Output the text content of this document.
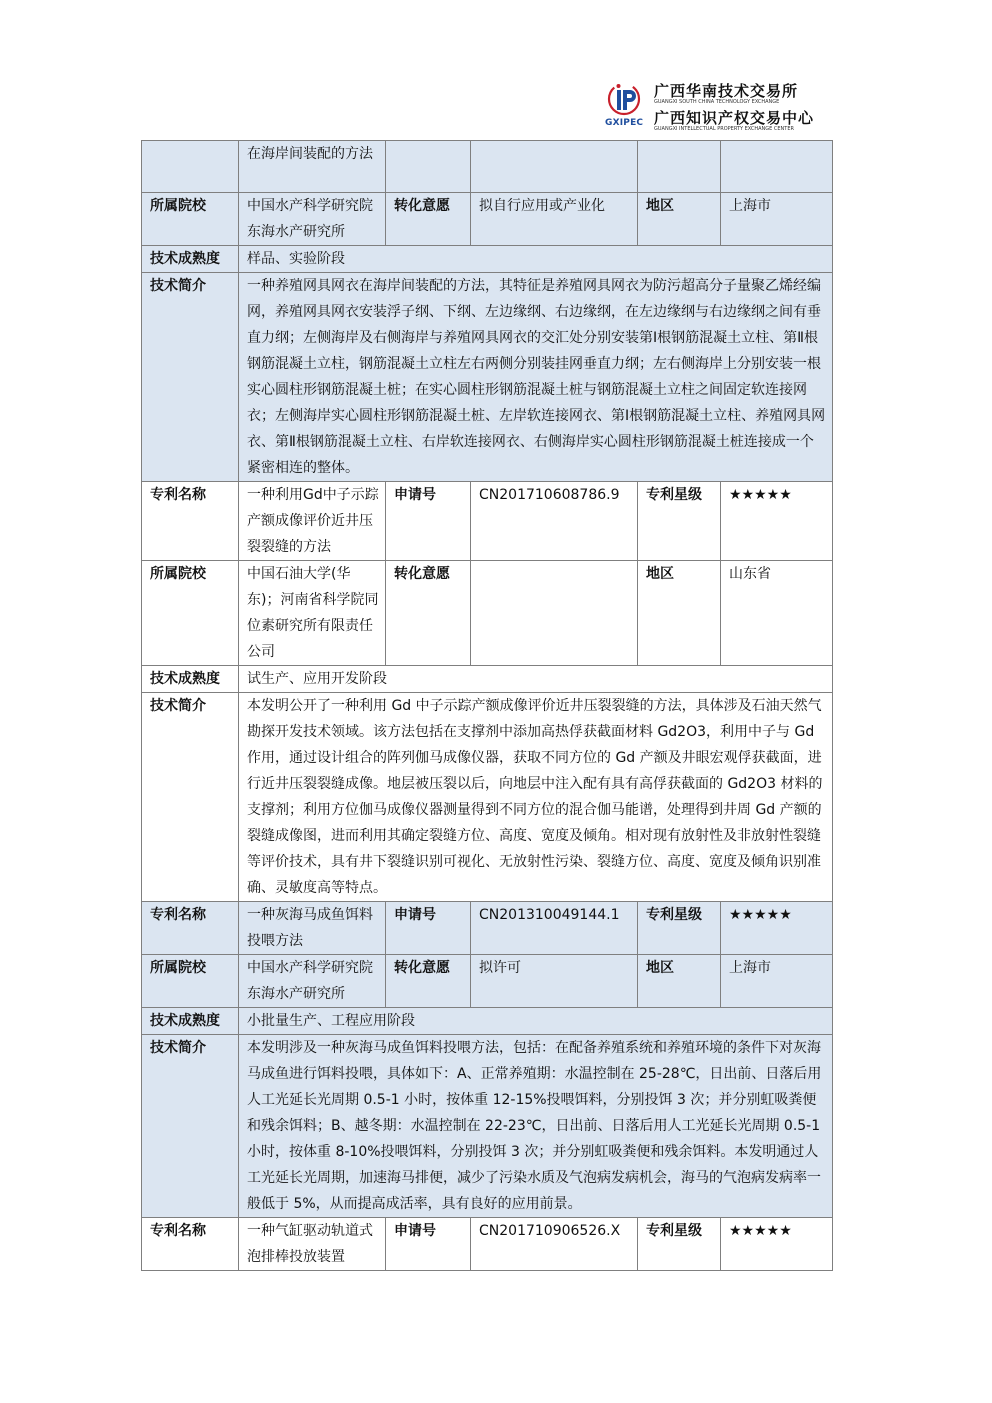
GXIPEC
广西华南技术交易所
GUANGXI SOUTH CHINA TECHNOLOGY EXCHANGE
广西知识产权交易中心
GUANGXI INTELLECTUAL PROPERTY EXCHANGE CENTER
	在海岸间装配的方法				
所属院校	中国水产科学研究院东海水产研究所	转化意愿	拟自行应用或产业化	地区	上海市
技术成熟度	样品、实验阶段				
技术简介	一种养殖网具网衣在海岸间装配的方法，其特征是养殖网具网衣为防污超高分子量聚乙烯经编网，养殖网具网衣安装浮子纲、下纲、左边缘纲、右边缘纲，在左边缘纲与右边缘纲之间有垂直力纲；左侧海岸及右侧海岸与养殖网具网衣的交汇处分别安装第Ⅰ根钢筋混凝土立柱、第Ⅱ根钢筋混凝土立柱，钢筋混凝土立柱左右两侧分别装挂网垂直力纲；左右侧海岸上分别安装一根实心圆柱形钢筋混凝土桩；在实心圆柱形钢筋混凝土桩与钢筋混凝土立柱之间固定软连接网衣；左侧海岸实心圆柱形钢筋混凝土桩、左岸软连接网衣、第Ⅰ根钢筋混凝土立柱、养殖网具网衣、第Ⅱ根钢筋混凝土立柱、右岸软连接网衣、右侧海岸实心圆柱形钢筋混凝土桩连接成一个紧密相连的整体。				
专利名称	一种利用Gd中子示踪产额成像评价近井压裂裂缝的方法	申请号	CN201710608786.9	专利星级	★★★★★
所属院校	中国石油大学(华东)；河南省科学院同位素研究所有限责任公司	转化意愿		地区	山东省
技术成熟度	试生产、应用开发阶段				
技术简介	本发明公开了一种利用 Gd 中子示踪产额成像评价近井压裂裂缝的方法，具体涉及石油天然气勘探开发技术领域。该方法包括在支撑剂中添加高热俘获截面材料 Gd2O3，利用中子与 Gd 作用，通过设计组合的阵列伽马成像仪器，获取不同方位的 Gd 产额及井眼宏观俘获截面，进行近井压裂裂缝成像。地层被压裂以后，向地层中注入配有具有高俘获截面的 Gd2O3 材料的支撑剂；利用方位伽马成像仪器测量得到不同方位的混合伽马能谱，处理得到井周 Gd 产额的裂缝成像图，进而利用其确定裂缝方位、高度、宽度及倾角。相对现有放射性及非放射性裂缝等评价技术，具有井下裂缝识别可视化、无放射性污染、裂缝方位、高度、宽度及倾角识别准确、灵敏度高等特点。				
专利名称	一种灰海马成鱼饵料投喂方法	申请号	CN201310049144.1	专利星级	★★★★★
所属院校	中国水产科学研究院东海水产研究所	转化意愿	拟许可	地区	上海市
技术成熟度	小批量生产、工程应用阶段				
技术简介	本发明涉及一种灰海马成鱼饵料投喂方法，包括：在配备养殖系统和养殖环境的条件下对灰海马成鱼进行饵料投喂，具体如下：A、正常养殖期：水温控制在 25-28℃，日出前、日落后用人工光延长光周期 0.5-1 小时，按体重 12-15%投喂饵料，分别投饵 3 次；并分别虹吸粪便和残余饵料；B、越冬期：水温控制在 22-23℃，日出前、日落后用人工光延长光周期 0.5-1 小时，按体重 8-10%投喂饵料，分别投饵 3 次；并分别虹吸粪便和残余饵料。本发明通过人工光延长光周期，加速海马排便，减少了污染水质及气泡病发病机会，海马的气泡病发病率一般低于 5%，从而提高成活率，具有良好的应用前景。				
专利名称	一种气缸驱动轨道式泡排棒投放装置	申请号	CN201710906526.X	专利星级	★★★★★
